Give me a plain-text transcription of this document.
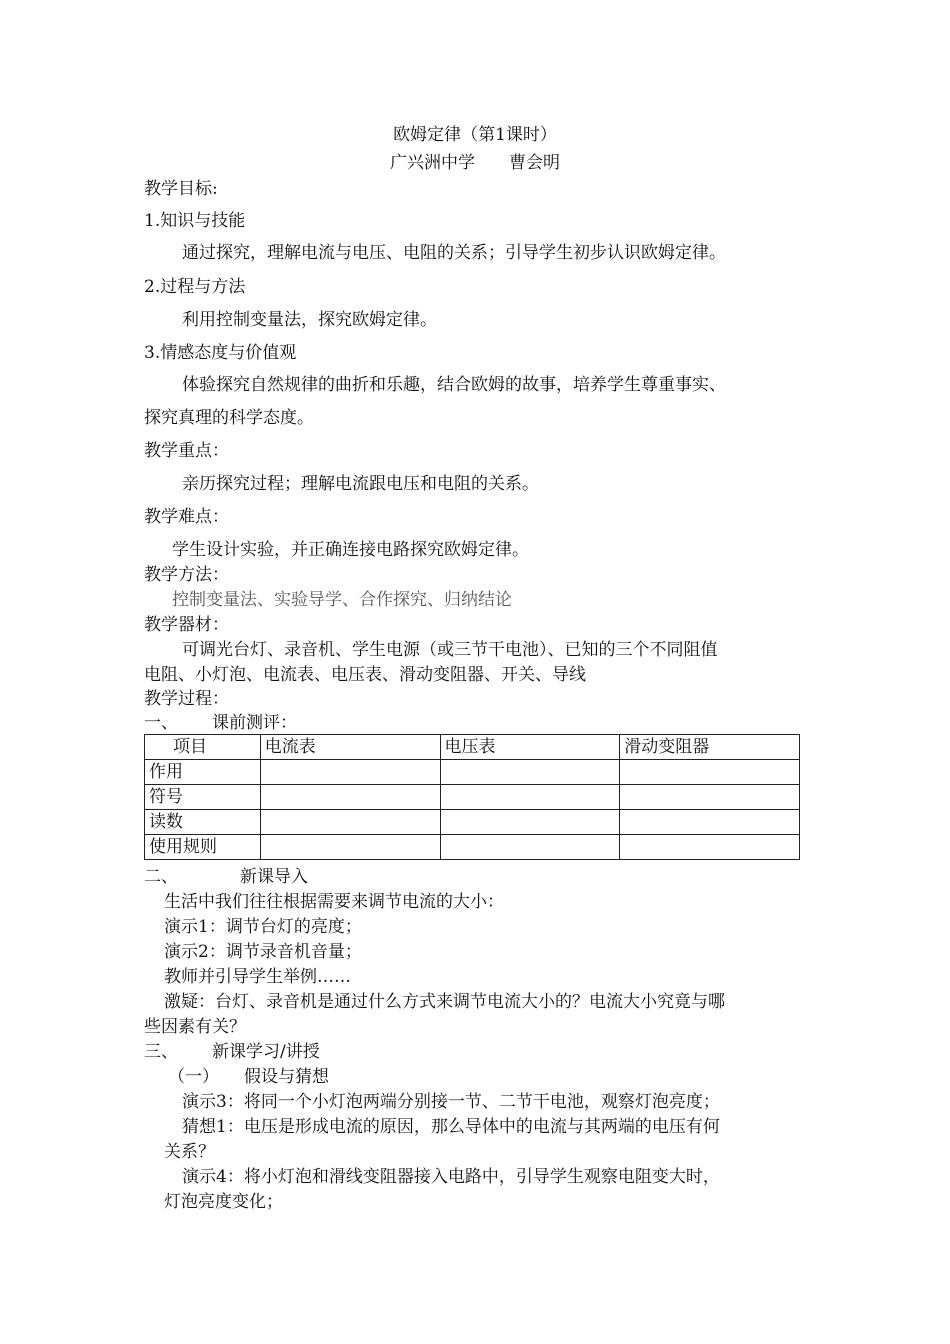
欧姆定律（第1课时）
广兴洲中学　　曹会明
教学目标:
1.知识与技能
通过探究，理解电流与电压、电阻的关系；引导学生初步认识欧姆定律。
2.过程与方法
利用控制变量法，探究欧姆定律。
3.情感态度与价值观
体验探究自然规律的曲折和乐趣，结合欧姆的故事，培养学生尊重事实、
探究真理的科学态度。
教学重点：
亲历探究过程；理解电流跟电压和电阻的关系。
教学难点：
学生设计实验，并正确连接电路探究欧姆定律。
教学方法：
控制变量法、实验导学、合作探究、归纳结论
教学器材：
可调光台灯、录音机、学生电源（或三节干电池）、已知的三个不同阻值
电阻、小灯泡、电流表、电压表、滑动变阻器、开关、导线
教学过程：
一、 课前测评：
项目	电流表	电压表	滑动变阻器
作用			
符号			
读数			
使用规则			
二、	新课导入
生活中我们往往根据需要来调节电流的大小：
演示1：调节台灯的亮度；
演示2：调节录音机音量；
教师并引导学生举例……
激疑：台灯、录音机是通过什么方式来调节电流大小的？电流大小究竟与哪
些因素有关？
三、 新课学习/讲授
（一） 假设与猜想
演示3：将同一个小灯泡两端分别接一节、二节干电池，观察灯泡亮度；
猜想1：电压是形成电流的原因，那么导体中的电流与其两端的电压有何
关系？
演示4：将小灯泡和滑线变阻器接入电路中，引导学生观察电阻变大时，
灯泡亮度变化；
